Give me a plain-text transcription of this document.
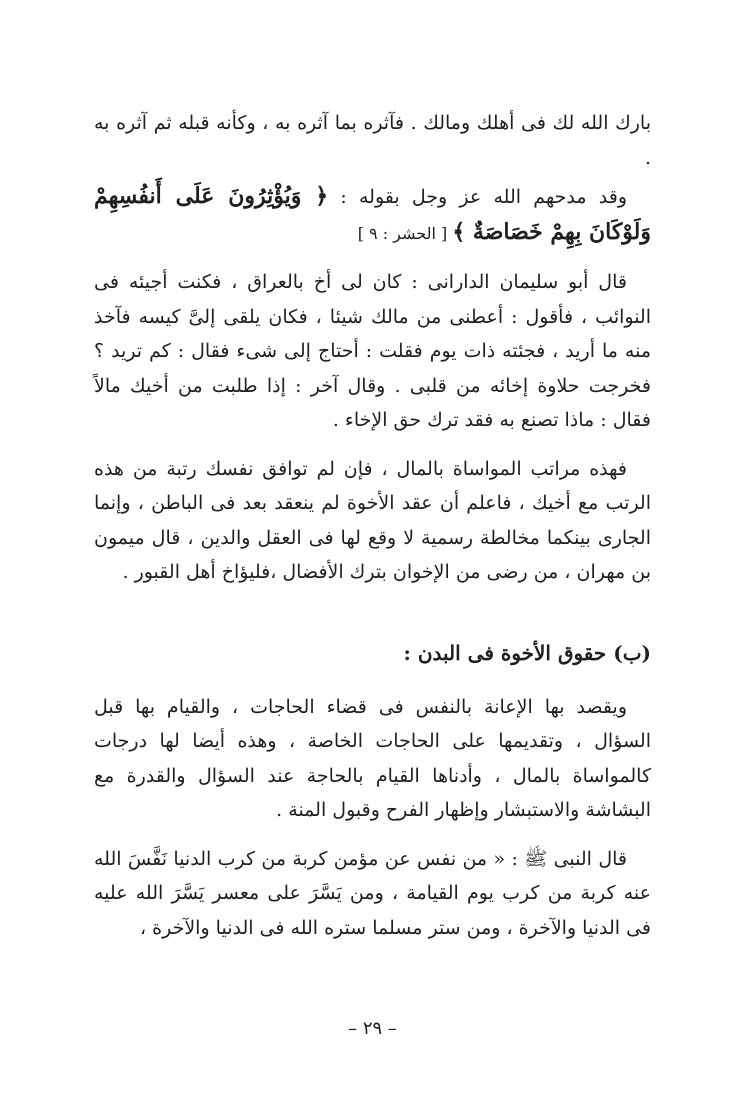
بارك الله لك فى أهلك ومالك . فآثره بما آثره به ، وكأنه قبله ثم آثره به .

وقد مدحهم الله عز وجل بقوله : ﴿ وَيُؤْثِرُونَ عَلَى أَنفُسِهِمْ وَلَوْكَانَ بِهِمْ خَصَاصَةٌ ﴾ [ الحشر : ٩ ]

قال أبو سليمان الدارانى : كان لى أخ بالعراق ، فكنت أجيئه فى النوائب ، فأقول : أعطنى من مالك شيئا ، فكان يلقى إلىَّ كيسه فآخذ منه ما أريد ، فجئته ذات يوم فقلت : أحتاج إلى شىء فقال : كم تريد ؟ فخرجت حلاوة إخائه من قلبى . وقال آخر : إذا طلبت من أخيك مالاً فقال : ماذا تصنع به فقد ترك حق الإخاء .

فهذه مراتب المواساة بالمال ، فإن لم توافق نفسك رتبة من هذه الرتب مع أخيك ، فاعلم أن عقد الأخوة لم ينعقد بعد فى الباطن ، وإنما الجارى بينكما مخالطة رسمية لا وقع لها فى العقل والدين ، قال ميمون بن مهران ، من رضى من الإخوان بترك الأفضال ،فليؤاخ أهل القبور .

(ب) حقوق الأخوة فى البدن :

ويقصد بها الإعانة بالنفس فى قضاء الحاجات ، والقيام بها قبل السؤال ، وتقديمها على الحاجات الخاصة ، وهذه أيضا لها درجات كالمواساة بالمال ، وأدناها القيام بالحاجة عند السؤال والقدرة مع البشاشة والاستبشار وإظهار الفرح وقبول المنة .

قال النبى ﷺ : « من نفس عن مؤمن كربة من كرب الدنيا نَفَّسَ الله عنه كربة من كرب يوم القيامة ، ومن يَسَّرَ على معسر يَسَّرَ الله عليه فى الدنيا والآخرة ، ومن ستر مسلما ستره الله فى الدنيا والآخرة ،

– ٢٩ –
